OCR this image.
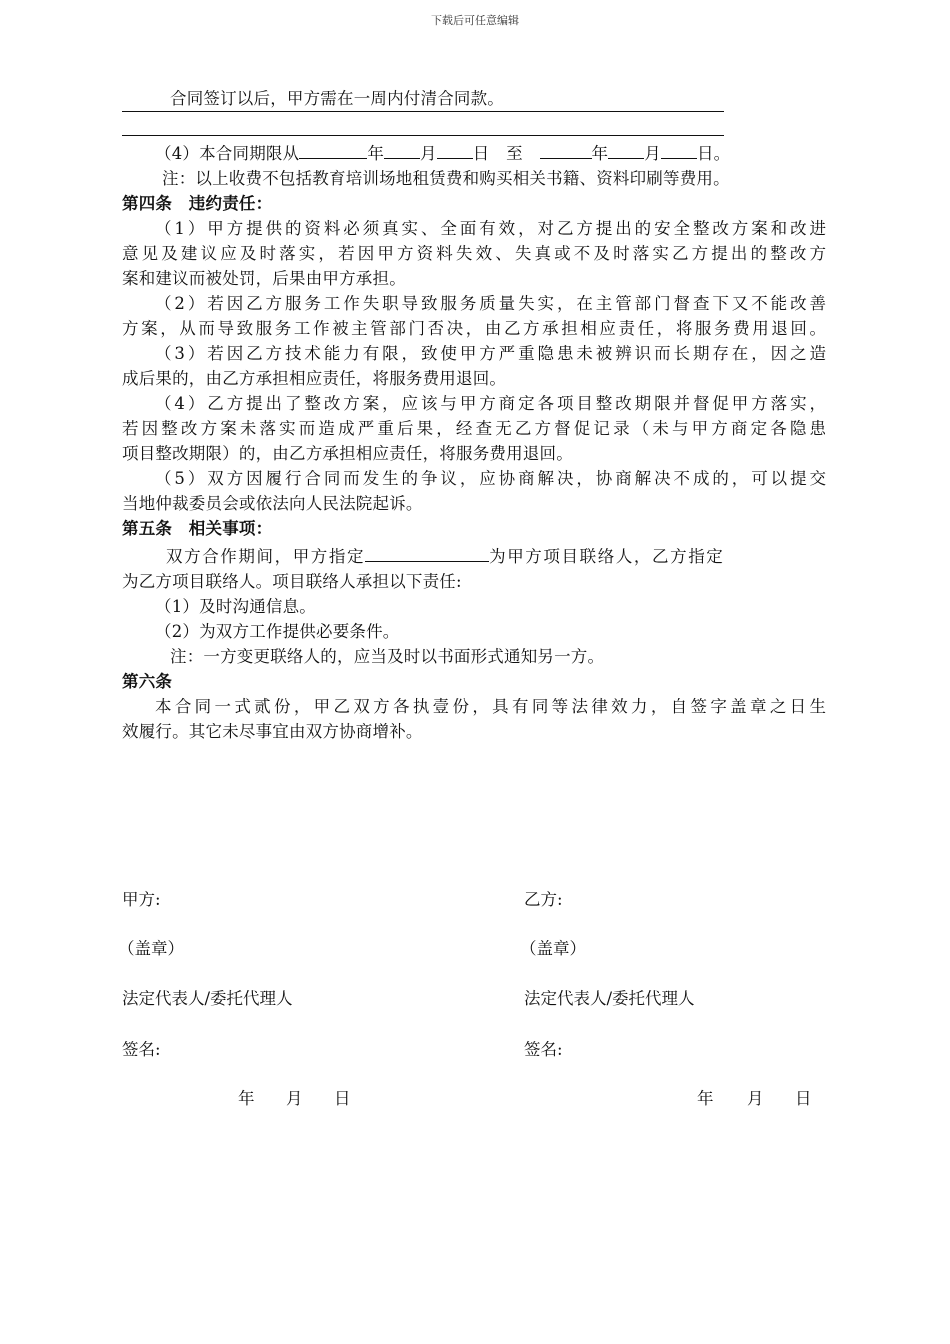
下载后可任意编辑
合同签订以后，甲方需在一周内付清合同款。
（4）本合同期限从	年 月 日　 至　	年 月 日。
注：以上收费不包括教育培训场地租赁费和购买相关书籍、资料印刷等费用。
第四条　违约责任：
（1）甲方提供的资料必须真实、全面有效，对乙方提出的安全整改方案和改进
意见及建议应及时落实，若因甲方资料失效、失真或不及时落实乙方提出的整改方
案和建议而被处罚，后果由甲方承担。
（2）若因乙方服务工作失职导致服务质量失实，在主管部门督查下又不能改善
方案，从而导致服务工作被主管部门否决，由乙方承担相应责任，将服务费用退回。
（3）若因乙方技术能力有限，致使甲方严重隐患未被辨识而长期存在，因之造
成后果的，由乙方承担相应责任，将服务费用退回。
（4）乙方提出了整改方案，应该与甲方商定各项目整改期限并督促甲方落实，
若因整改方案未落实而造成严重后果，经查无乙方督促记录（未与甲方商定各隐患
项目整改期限）的，由乙方承担相应责任，将服务费用退回。
（5）双方因履行合同而发生的争议，应协商解决，协商解决不成的，可以提交
当地仲裁委员会或依法向人民法院起诉。
第五条　相关事项：
双方合作期间，甲方指定	为甲方项目联络人，乙方指定
为乙方项目联络人。项目联络人承担以下责任:
（1）及时沟通信息。
（2）为双方工作提供必要条件。
注：一方变更联络人的，应当及时以书面形式通知另一方。
第六条
本合同一式贰份，甲乙双方各执壹份，具有同等法律效力，自签字盖章之日生
效履行。其它未尽事宜由双方协商增补。
甲方:	乙方:
（盖章）	（盖章）
法定代表人/委托代理人	法定代表人/委托代理人
签名:	签名:
年 月 日	年 月 日
